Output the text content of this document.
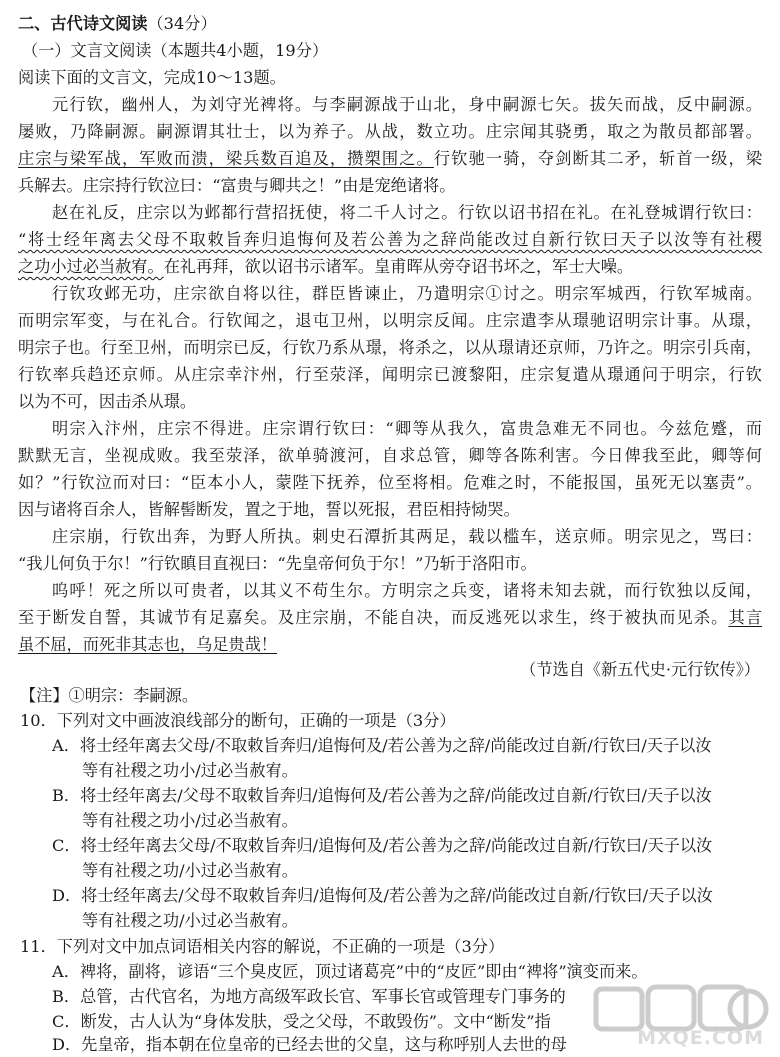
二、古代诗文阅读（34分）
（一）文言文阅读（本题共4小题，19分）
阅读下面的文言文，完成10～13题。
元行钦，幽州人，为刘守光裨将。与李嗣源战于山北，身中嗣源七矢。拔矢而战，反中嗣源。
屡败，乃降嗣源。嗣源谓其壮士，以为养子。从战，数立功。庄宗闻其骁勇，取之为散员都部署。
庄宗与梁军战，军败而溃，梁兵数百追及，攒槊围之。行钦驰一骑，夺剑断其二矛，斩首一级，梁
兵解去。庄宗持行钦泣曰：“富贵与卿共之！”由是宠绝诸将。
赵在礼反，庄宗以为邺都行营招抚使，将二千人讨之。行钦以诏书招在礼。在礼登城谓行钦曰：
“将士经年离去父母不取敕旨奔归追悔何及若公善为之辞尚能改过自新行钦曰天子以汝等有社稷
之功小过必当赦宥。在礼再拜，欲以诏书示诸军。皇甫晖从旁夺诏书坏之，军士大噪。
行钦攻邺无功，庄宗欲自将以往，群臣皆谏止，乃遣明宗①讨之。明宗军城西，行钦军城南。
而明宗军变，与在礼合。行钦闻之，退屯卫州，以明宗反闻。庄宗遣李从璟驰诏明宗计事。从璟，
明宗子也。行至卫州，而明宗已反，行钦乃系从璟，将杀之，以从璟请还京师，乃许之。明宗引兵南，
行钦率兵趋还京师。从庄宗幸汴州，行至荥泽，闻明宗已渡黎阳，庄宗复遣从璟通问于明宗，行钦
以为不可，因击杀从璟。
明宗入汴州，庄宗不得进。庄宗谓行钦曰：“卿等从我久，富贵急难无不同也。今兹危蹙，而
默默无言，坐视成败。我至荥泽，欲单骑渡河，自求总管，卿等各陈利害。今日俾我至此，卿等何
如？”行钦泣而对曰：“臣本小人，蒙陛下抚养，位至将相。危难之时，不能报国，虽死无以塞责”。
因与诸将百余人，皆解髻断发，置之于地，誓以死报，君臣相持恸哭。
庄宗崩，行钦出奔，为野人所执。刺史石潭折其两足，载以槛车，送京师。明宗见之，骂曰：
“我儿何负于尔！”行钦瞋目直视曰：“先皇帝何负于尔！”乃斩于洛阳市。
呜呼！死之所以可贵者，以其义不苟生尔。方明宗之兵变，诸将未知去就，而行钦独以反闻，
至于断发自誓，其诚节有足嘉矣。及庄宗崩，不能自决，而反逃死以求生，终于被执而见杀。其言
虽不屈，而死非其志也，乌足贵哉！
（节选自《新五代史·元行钦传》）
【注】①明宗：李嗣源。
10．下列对文中画波浪线部分的断句，正确的一项是（3分）
A．将士经年离去父母/不取敕旨奔归/追悔何及/若公善为之辞/尚能改过自新/行钦曰/天子以汝
等有社稷之功小/过必当赦宥。
B．将士经年离去/父母不取敕旨奔归/追悔何及/若公善为之辞/尚能改过自新/行钦曰/天子以汝
等有社稷之功小/过必当赦宥。
C．将士经年离去父母/不取敕旨奔归/追悔何及/若公善为之辞/尚能改过自新/行钦曰/天子以汝
等有社稷之功/小过必当赦宥。
D．将士经年离去/父母不取敕旨奔归/追悔何及/若公善为之辞/尚能改过自新/行钦曰/天子以汝
等有社稷之功/小过必当赦宥。
11．下列对文中加点词语相关内容的解说，不正确的一项是（3分）
A．裨将，副将，谚语“三个臭皮匠，顶过诸葛亮”中的“皮匠”即由“裨将”演变而来。
B．总管，古代官名，为地方高级军政长官、军事长官或管理专门事务的
C．断发，古人认为“身体发肤，受之父母，不敢毁伤”。文中“断发”指
D．先皇帝，指本朝在位皇帝的已经去世的父皇，这与称呼别人去世的母	MXQE.COM
